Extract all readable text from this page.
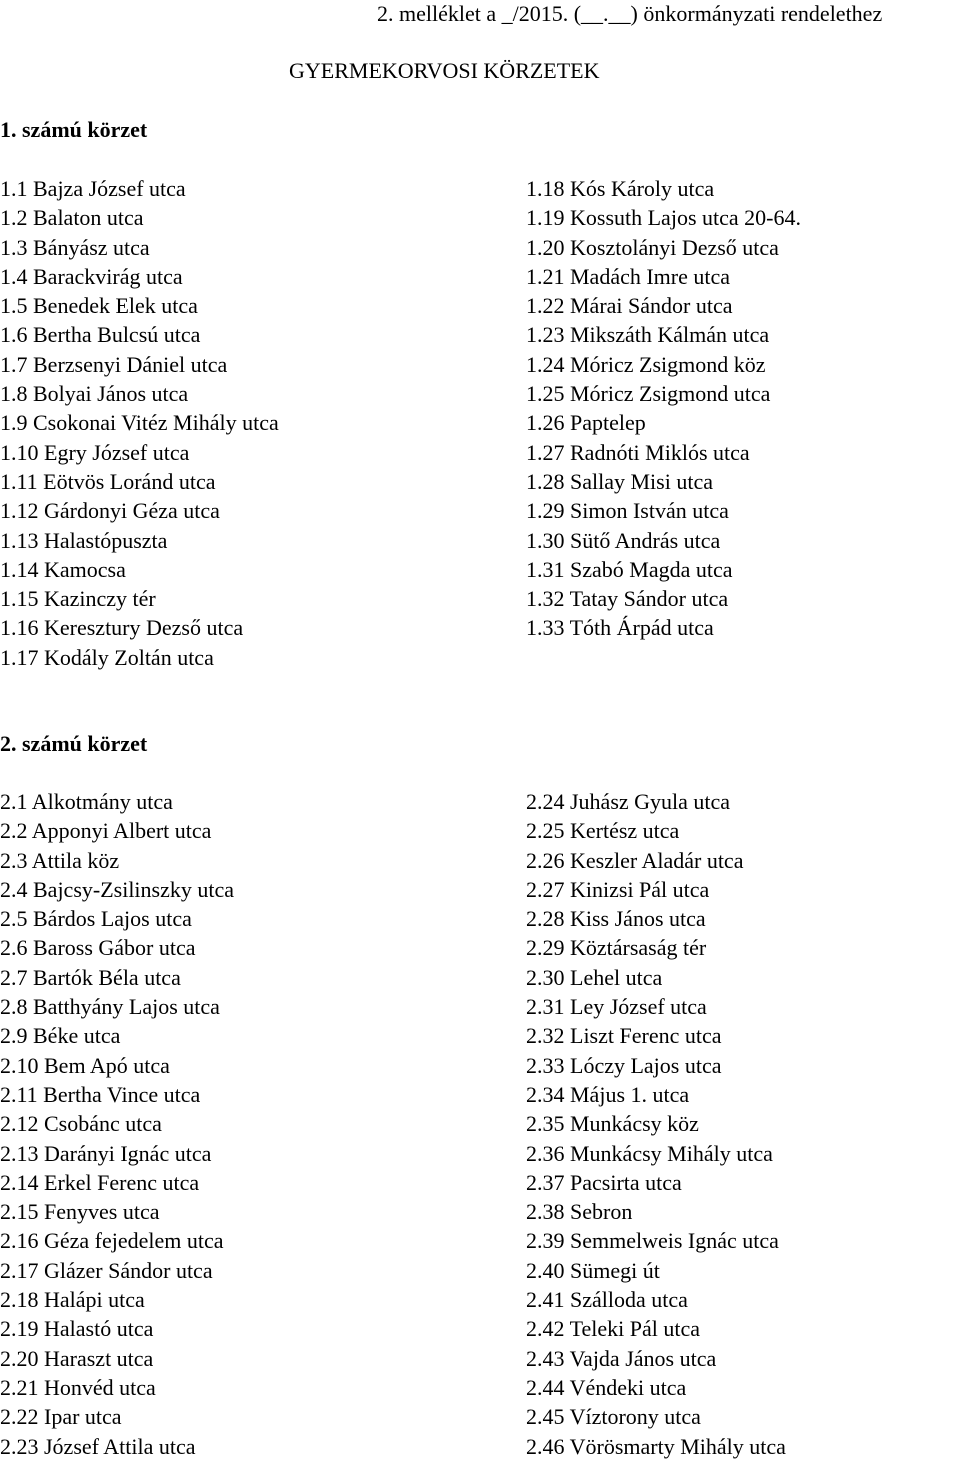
2. melléklet a _/2015. (__.__) önkormányzati rendelethez
GYERMEKORVOSI KÖRZETEK
1. számú körzet
1.1 Bajza József utca
1.2 Balaton utca
1.3 Bányász utca
1.4 Barackvirág utca
1.5 Benedek Elek utca
1.6 Bertha Bulcsú utca
1.7 Berzsenyi Dániel utca
1.8 Bolyai János utca
1.9 Csokonai Vitéz Mihály utca
1.10 Egry József utca
1.11 Eötvös Loránd utca
1.12 Gárdonyi Géza utca
1.13 Halastópuszta
1.14 Kamocsa
1.15 Kazinczy tér
1.16 Keresztury Dezső utca
1.17 Kodály Zoltán utca
1.18 Kós Károly utca
1.19 Kossuth Lajos utca 20-64.
1.20 Kosztolányi Dezső utca
1.21 Madách Imre utca
1.22 Márai Sándor utca
1.23 Mikszáth Kálmán utca
1.24 Móricz Zsigmond köz
1.25 Móricz Zsigmond utca
1.26 Paptelep
1.27 Radnóti Miklós utca
1.28 Sallay Misi utca
1.29 Simon István utca
1.30 Sütő András utca
1.31 Szabó Magda utca
1.32 Tatay Sándor utca
1.33 Tóth Árpád utca
2. számú körzet
2.1 Alkotmány utca
2.2 Apponyi Albert utca
2.3 Attila köz
2.4 Bajcsy-Zsilinszky utca
2.5 Bárdos Lajos utca
2.6 Baross Gábor utca
2.7 Bartók Béla utca
2.8 Batthyány Lajos utca
2.9 Béke utca
2.10 Bem Apó utca
2.11 Bertha Vince utca
2.12 Csobánc utca
2.13 Darányi Ignác utca
2.14 Erkel Ferenc utca
2.15 Fenyves utca
2.16 Géza fejedelem utca
2.17 Glázer Sándor utca
2.18 Halápi utca
2.19 Halastó utca
2.20 Haraszt utca
2.21 Honvéd utca
2.22 Ipar utca
2.23 József Attila utca
2.24 Juhász Gyula utca
2.25 Kertész utca
2.26 Keszler Aladár utca
2.27 Kinizsi Pál utca
2.28 Kiss János utca
2.29 Köztársaság tér
2.30 Lehel utca
2.31 Ley József utca
2.32 Liszt Ferenc utca
2.33 Lóczy Lajos utca
2.34 Május 1. utca
2.35 Munkácsy köz
2.36 Munkácsy Mihály utca
2.37 Pacsirta utca
2.38 Sebron
2.39 Semmelweis Ignác utca
2.40 Sümegi út
2.41 Szálloda utca
2.42 Teleki Pál utca
2.43 Vajda János utca
2.44 Véndeki utca
2.45 Víztorony utca
2.46 Vörösmarty Mihály utca
